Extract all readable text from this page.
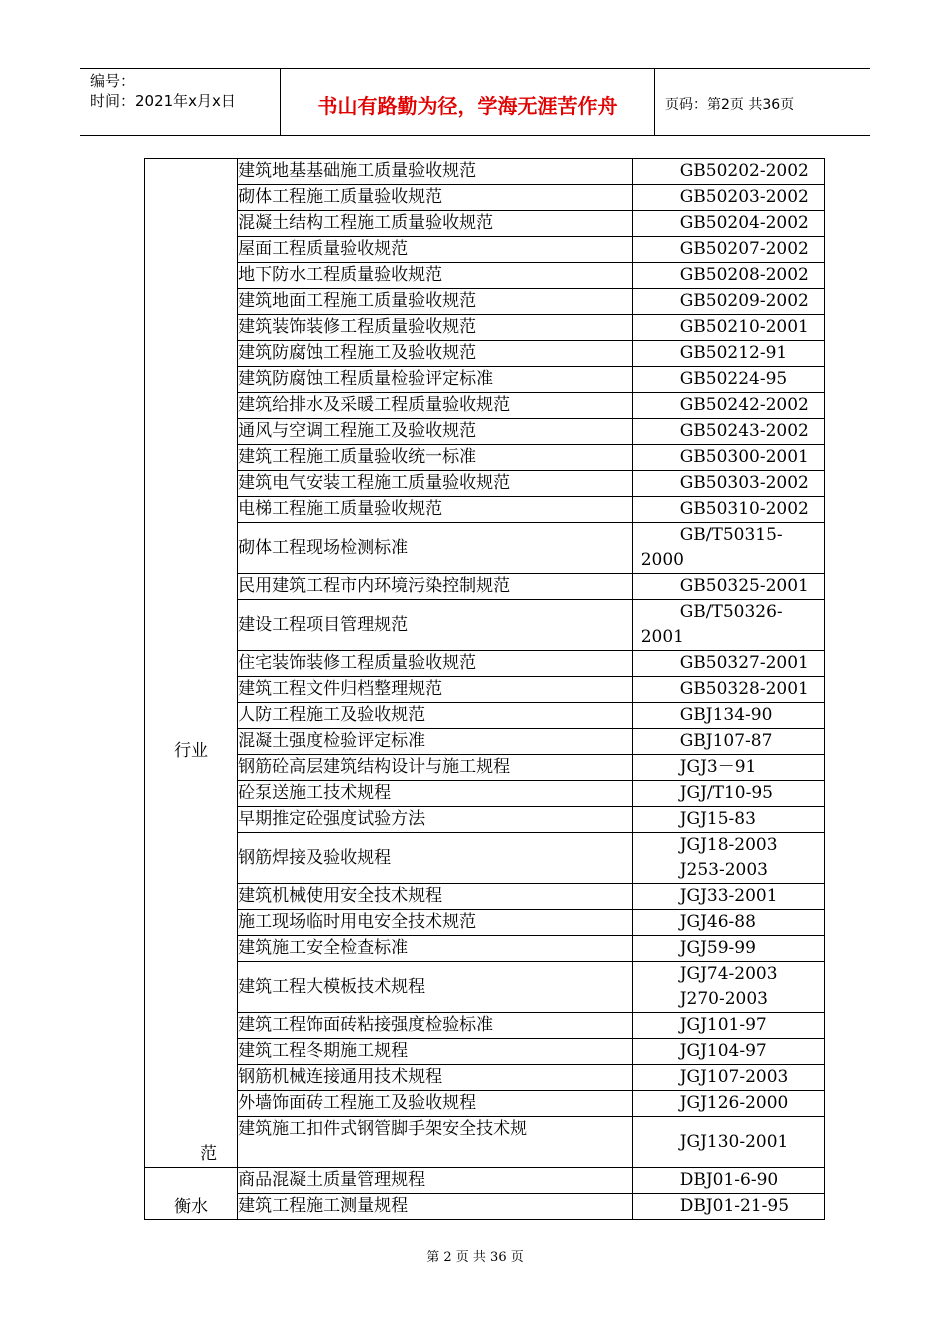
编号：
时间：2021年x月x日	书山有路勤为径，学海无涯苦作舟	页码：第2页 共36页
行业	建筑地基基础施工质量验收规范	GB50202-2002

	砌体工程施工质量验收规范	GB50203-2002

	混凝土结构工程施工质量验收规范	GB50204-2002

	屋面工程质量验收规范	GB50207-2002

	地下防水工程质量验收规范	GB50208-2002

	建筑地面工程施工质量验收规范	GB50209-2002

	建筑装饰装修工程质量验收规范	GB50210-2001

	建筑防腐蚀工程施工及验收规范	GB50212-91

	建筑防腐蚀工程质量检验评定标准	GB50224-95

	建筑给排水及采暖工程质量验收规范	GB50242-2002

	通风与空调工程施工及验收规范	GB50243-2002

	建筑工程施工质量验收统一标准	GB50300-2001

	建筑电气安装工程施工质量验收规范	GB50303-2002

	电梯工程施工质量验收规范	GB50310-2002

	砌体工程现场检测标准	GB/T50315-
2000

	民用建筑工程市内环境污染控制规范	GB50325-2001

	建设工程项目管理规范	GB/T50326-
2001

	住宅装饰装修工程质量验收规范	GB50327-2001

	建筑工程文件归档整理规范	GB50328-2001

	人防工程施工及验收规范	GBJ134-90

	混凝土强度检验评定标准	GBJ107-87

	钢筋砼高层建筑结构设计与施工规程	JGJ3－91

	砼泵送施工技术规程	JGJ/T10-95

	早期推定砼强度试验方法	JGJ15-83

	钢筋焊接及验收规程	JGJ18-2003
J253-2003

	建筑机械使用安全技术规程	JGJ33-2001

	施工现场临时用电安全技术规范	JGJ46-88

	建筑施工安全检查标准	JGJ59-99

	建筑工程大模板技术规程	JGJ74-2003
J270-2003

	建筑工程饰面砖粘接强度检验标准	JGJ101-97

	建筑工程冬期施工规程	JGJ104-97

	钢筋机械连接通用技术规程	JGJ107-2003

	外墙饰面砖工程施工及验收规程	JGJ126-2000

	建筑施工扣件式钢管脚手架安全技术规
范	JGJ130-2001

衡水	商品混凝土质量管理规程	DBJ01-6-90

	建筑工程施工测量规程	DBJ01-21-95
第 2 页 共 36 页
